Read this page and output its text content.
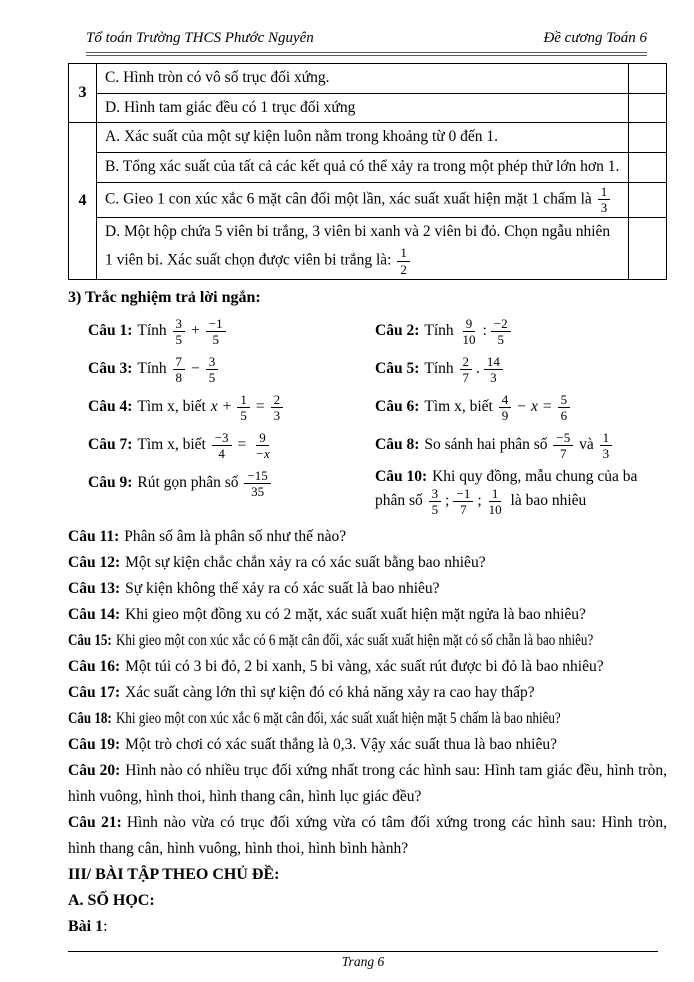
Tổ toán Trường THCS Phước Nguyên	Đề cương Toán 6
3	C. Hình tròn có vô số trục đối xứng.	
	D. Hình tam giác đều có 1 trục đối xứng	
4	A. Xác suất của một sự kiện luôn nằm trong khoảng từ 0 đến 1.	
	B. Tổng xác suất của tất cả các kết quả có thể xảy ra trong một phép thử lớn hơn 1.	
	C. Gieo 1 con xúc xắc 6 mặt cân đối một lần, xác suất xuất hiện mặt 1 chấm là $\frac{1}{3}$

	D. Một hộp chứa 5 viên bi trắng, 3 viên bi xanh và 2 viên bi đỏ. Chọn ngẫu nhiên 1 viên bi. Xác suất chọn được viên bi trắng là: $\frac{1}{2}$

3) Trắc nghiệm trả lời ngắn:
Câu 1: Tính $\frac{3}{5} + \frac{-1}{5}$	Câu 2: Tính $\frac{9}{10}$ : $\frac{-2}{5}$
Câu 3: Tính $\frac{7}{8} - \frac{3}{5}$	Câu 5: Tính $\frac{2}{7}$ . $\frac{14}{3}$
Câu 4: Tìm x, biết $x + \frac{1}{5} = \frac{2}{3}$	Câu 6: Tìm x, biết $\frac{4}{9} - x = \frac{5}{6}$
Câu 7: Tìm x, biết $\frac{-3}{4} = \frac{9}{-x}$	Câu 8: So sánh hai phân số $\frac{-5}{7}$ và $\frac{1}{3}$
Câu 9: Rút gọn phân số $\frac{-15}{35}$	Câu 10: Khi quy đồng, mẫu chung của ba phân số $\frac{3}{5}$ ; $\frac{-1}{7}$ ; $\frac{1}{10}$ là bao nhiêu

Câu 11: Phân số âm là phân số như thế nào?

Câu 12: Một sự kiện chắc chắn xảy ra có xác suất bằng bao nhiêu?

Câu 13: Sự kiện không thể xảy ra có xác suất là bao nhiêu?

Câu 14: Khi gieo một đồng xu có 2 mặt, xác suất xuất hiện mặt ngửa là bao nhiêu?

Câu 15: Khi gieo một con xúc xắc có 6 mặt cân đối, xác suất xuất hiện mặt có số chẵn là bao nhiêu?

Câu 16: Một túi có 3 bi đỏ, 2 bi xanh, 5 bi vàng, xác suất rút được bi đỏ là bao nhiêu?

Câu 17: Xác suất càng lớn thì sự kiện đó có khả năng xảy ra cao hay thấp?

Câu 18: Khi gieo một con xúc xắc 6 mặt cân đối, xác suất xuất hiện mặt 5 chấm là bao nhiêu?

Câu 19: Một trò chơi có xác suất thắng là 0,3. Vậy xác suất thua là bao nhiêu?

Câu 20: Hình nào có nhiều trục đối xứng nhất trong các hình sau: Hình tam giác đều, hình tròn, hình vuông, hình thoi, hình thang cân, hình lục giác đều?

Câu 21: Hình nào vừa có trục đối xứng vừa có tâm đối xứng trong các hình sau: Hình tròn, hình thang cân, hình vuông, hình thoi, hình bình hành?

III/ BÀI TẬP THEO CHỦ ĐỀ:

A. SỐ HỌC:

Bài 1:

Trang 6
